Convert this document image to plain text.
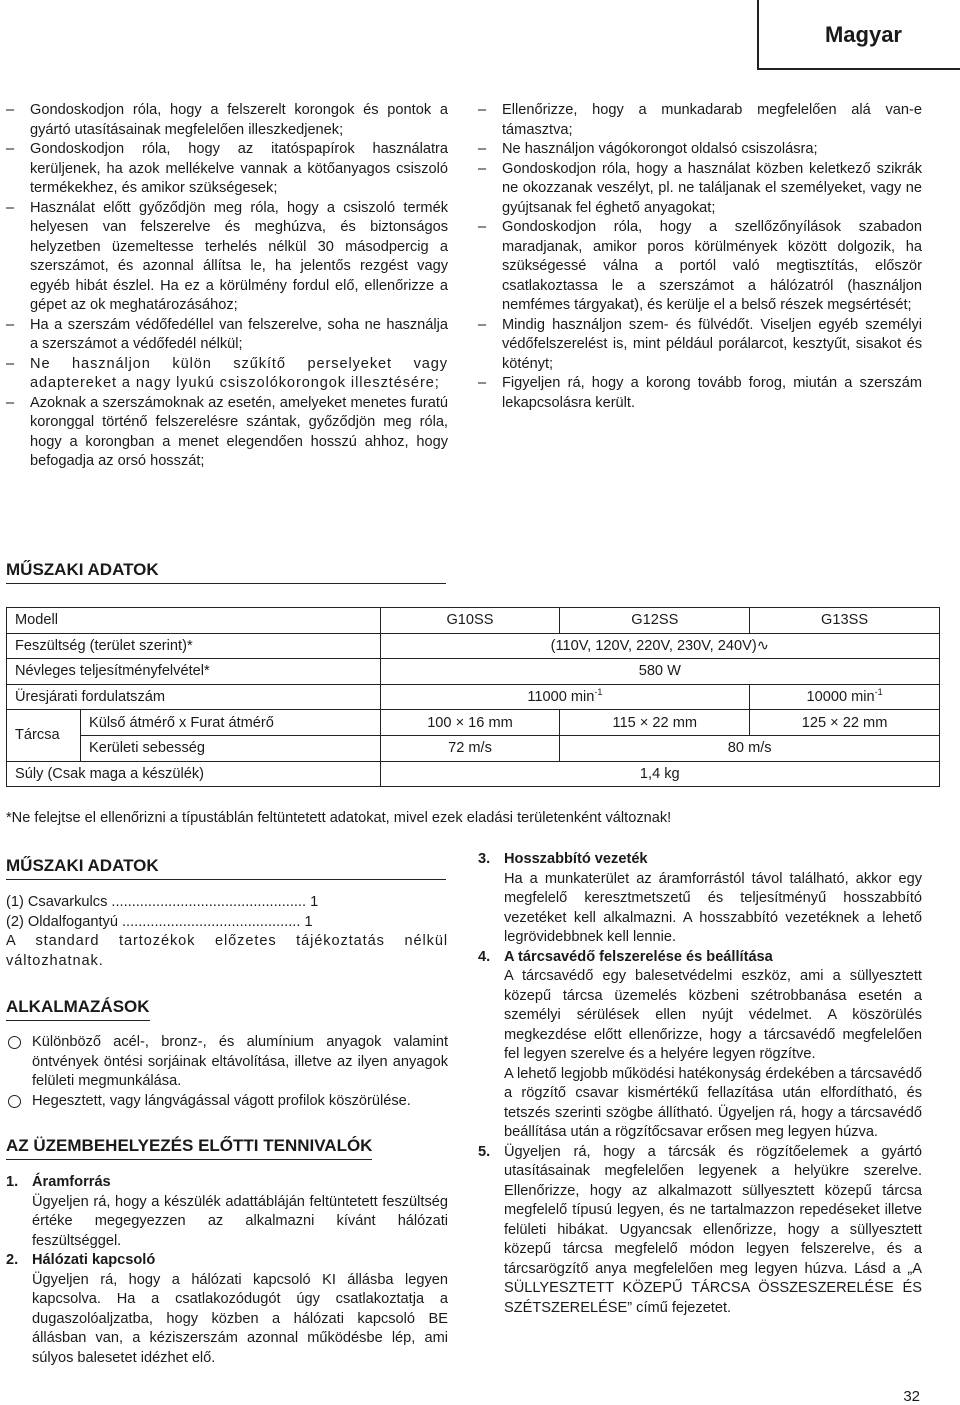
Magyar
– Gondoskodjon róla, hogy a felszerelt korongok és pontok a gyártó utasításainak megfelelően illeszkedjenek;
– Gondoskodjon róla, hogy az itatóspapírok használatra kerüljenek, ha azok mellékelve vannak a kötőanyagos csiszoló termékekhez, és amikor szükségesek;
– Használat előtt győződjön meg róla, hogy a csiszoló termék helyesen van felszerelve és meghúzva, és biztonságos helyzetben üzemeltesse terhelés nélkül 30 másodpercig a szerszámot, és azonnal állítsa le, ha jelentős rezgést vagy egyéb hibát észlel. Ha ez a körülmény fordul elő, ellenőrizze a gépet az ok meghatározásához;
– Ha a szerszám védőfedéllel van felszerelve, soha ne használja a szerszámot a védőfedél nélkül;
– Ne használjon külön szűkítő perselyeket vagy adaptereket a nagy lyukú csiszolókorongok illesztésére;
– Azoknak a szerszámoknak az esetén, amelyeket menetes furatú koronggal történő felszerelésre szántak, győződjön meg róla, hogy a korongban a menet elegendően hosszú ahhoz, hogy befogadja az orsó hosszát;
– Ellenőrizze, hogy a munkadarab megfelelően alá van-e támasztva;
– Ne használjon vágókorongot oldalsó csiszolásra;
– Gondoskodjon róla, hogy a használat közben keletkező szikrák ne okozzanak veszélyt, pl. ne találjanak el személyeket, vagy ne gyújtsanak fel éghető anyagokat;
– Gondoskodjon róla, hogy a szellőzőnyílások szabadon maradjanak, amikor poros körülmények között dolgozik, ha szükségessé válna a portól való megtisztítás, először csatlakoztassa le a szerszámot a hálózatról (használjon nemfémes tárgyakat), és kerülje el a belső részek megsértését;
– Mindig használjon szem- és fülvédőt. Viseljen egyéb személyi védőfelszerelést is, mint például porálarcot, kesztyűt, sisakot és kötényt;
– Figyeljen rá, hogy a korong tovább forog, miután a szerszám lekapcsolásra került.
MŰSZAKI ADATOK
Modell		G10SS	G12SS	G13SS
Feszültség (terület szerint)*		(110V, 120V, 220V, 230V, 240V)∿		
Névleges teljesítményfelvétel*		580 W		
Üresjárati fordulatszám		11000 $\min^{-1}$		10000 $\min^{-1}$
Tárcsa	Külső átmérő x Furat átmérő	100 × 16 mm	115 × 22 mm	125 × 22 mm
	Kerületi sebesség	72 m/s	80 m/s	
Súly (Csak maga a készülék)		1,4 kg		
*Ne felejtse el ellenőrizni a típustáblán feltüntetett adatokat, mivel ezek eladási területenként változnak!
MŰSZAKI ADATOK
(1) Csavarkulcs ................................................ 1
(2) Oldalfogantyú ............................................ 1
A standard tartozékok előzetes tájékoztatás nélkül változhatnak.
ALKALMAZÁSOK
Különböző acél-, bronz-, és alumínium anyagok valamint öntvények öntési sorjáinak eltávolítása, illetve az ilyen anyagok felületi megmunkálása.
Hegesztett, vagy lángvágással vágott profilok köszörülése.
AZ ÜZEMBEHELYEZÉS ELŐTTI TENNIVALÓK
1. Áramforrás
Ügyeljen rá, hogy a készülék adattábláján feltüntetett feszültség értéke megegyezzen az alkalmazni kívánt hálózati feszültséggel.
2. Hálózati kapcsoló
Ügyeljen rá, hogy a hálózati kapcsoló KI állásba legyen kapcsolva. Ha a csatlakozódugót úgy csatlakoztatja a dugaszolóaljzatba, hogy közben a hálózati kapcsoló BE állásban van, a kéziszerszám azonnal működésbe lép, ami súlyos balesetet idézhet elő.
3. Hosszabbító vezeték
Ha a munkaterület az áramforrástól távol található, akkor egy megfelelő keresztmetszetű és teljesítményű hosszabbító vezetéket kell alkalmazni. A hosszabbító vezetéknek a lehető legrövidebbnek kell lennie.
4. A tárcsavédő felszerelése és beállítása
A tárcsavédő egy balesetvédelmi eszköz, ami a süllyesztett közepű tárcsa üzemelés közbeni szétrobbanása esetén a személyi sérülések ellen nyújt védelmet. A köszörülés megkezdése előtt ellenőrizze, hogy a tárcsavédő megfelelően fel legyen szerelve és a helyére legyen rögzítve.
A lehető legjobb működési hatékonyság érdekében a tárcsavédő a rögzítő csavar kismértékű fellazítása után elfordítható, és tetszés szerinti szögbe állítható. Ügyeljen rá, hogy a tárcsavédő beállítása után a rögzítőcsavar erősen meg legyen húzva.
5. Ügyeljen rá, hogy a tárcsák és rögzítőelemek a gyártó utasításainak megfelelően legyenek a helyükre szerelve. Ellenőrizze, hogy az alkalmazott süllyesztett közepű tárcsa megfelelő típusú legyen, és ne tartalmazzon repedéseket illetve felületi hibákat. Ugyancsak ellenőrizze, hogy a süllyesztett közepű tárcsa megfelelő módon legyen felszerelve, és a tárcsarögzítő anya megfelelően meg legyen húzva. Lásd a „A SÜLLYESZTETT KÖZEPŰ TÁRCSA ÖSSZESZERELÉSE ÉS SZÉTSZERELÉSE” című fejezetet.
32
